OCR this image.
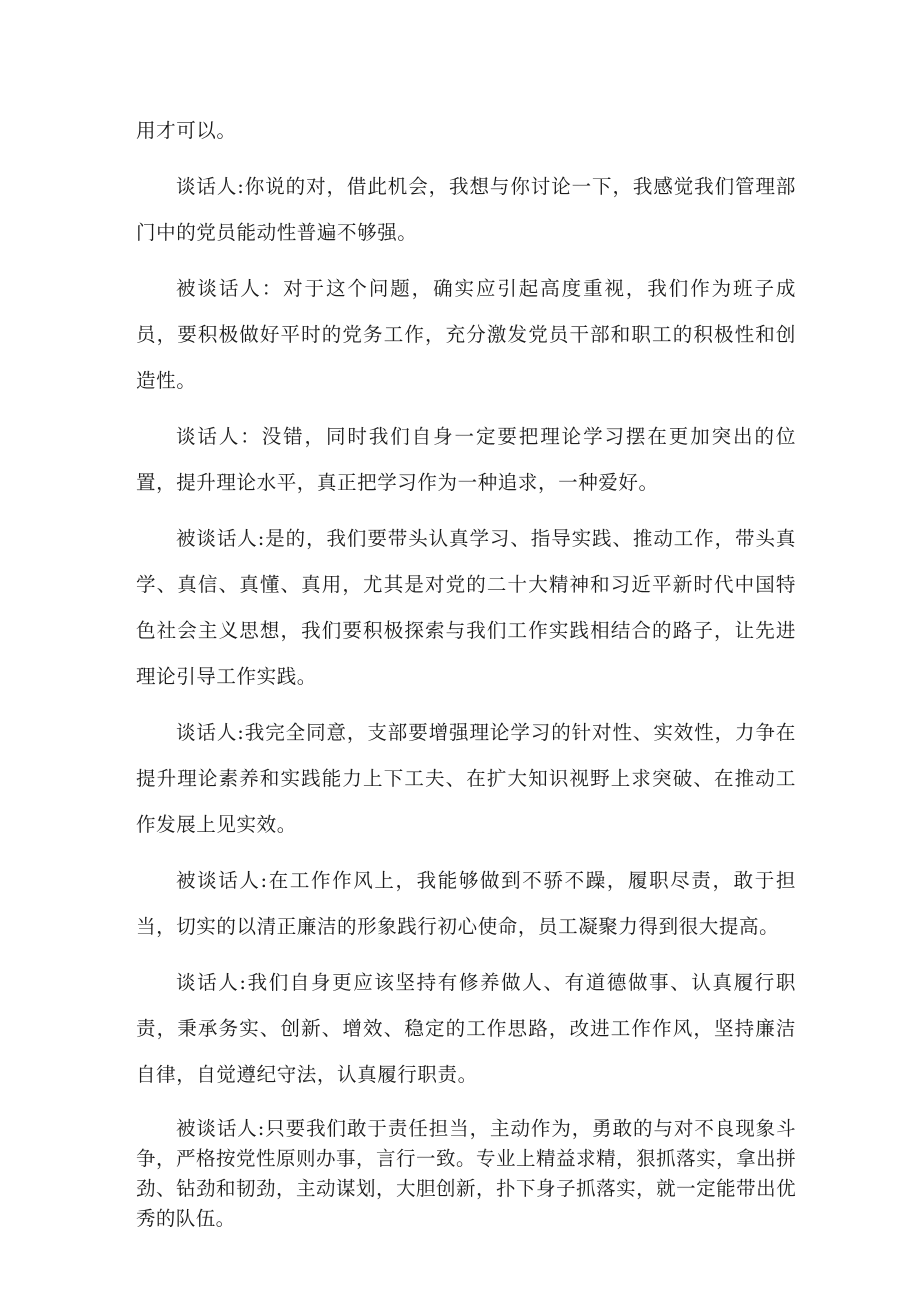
用才可以。

谈话人:你说的对，借此机会，我想与你讨论一下，我感觉我们管理部门中的党员能动性普遍不够强。

被谈话人：对于这个问题，确实应引起高度重视，我们作为班子成员，要积极做好平时的党务工作，充分激发党员干部和职工的积极性和创造性。

谈话人：没错，同时我们自身一定要把理论学习摆在更加突出的位置，提升理论水平，真正把学习作为一种追求，一种爱好。

被谈话人:是的，我们要带头认真学习、指导实践、推动工作，带头真学、真信、真懂、真用，尤其是对党的二十大精神和习近平新时代中国特色社会主义思想，我们要积极探索与我们工作实践相结合的路子，让先进理论引导工作实践。

谈话人:我完全同意，支部要增强理论学习的针对性、实效性，力争在提升理论素养和实践能力上下工夫、在扩大知识视野上求突破、在推动工作发展上见实效。

被谈话人:在工作作风上，我能够做到不骄不躁，履职尽责，敢于担当，切实的以清正廉洁的形象践行初心使命，员工凝聚力得到很大提高。

谈话人:我们自身更应该坚持有修养做人、有道德做事、认真履行职责，秉承务实、创新、增效、稳定的工作思路，改进工作作风，坚持廉洁自律，自觉遵纪守法，认真履行职责。

被谈话人:只要我们敢于责任担当，主动作为，勇敢的与对不良现象斗争，严格按党性原则办事，言行一致。专业上精益求精，狠抓落实，拿出拼劲、钻劲和韧劲，主动谋划，大胆创新，扑下身子抓落实，就一定能带出优秀的队伍。
